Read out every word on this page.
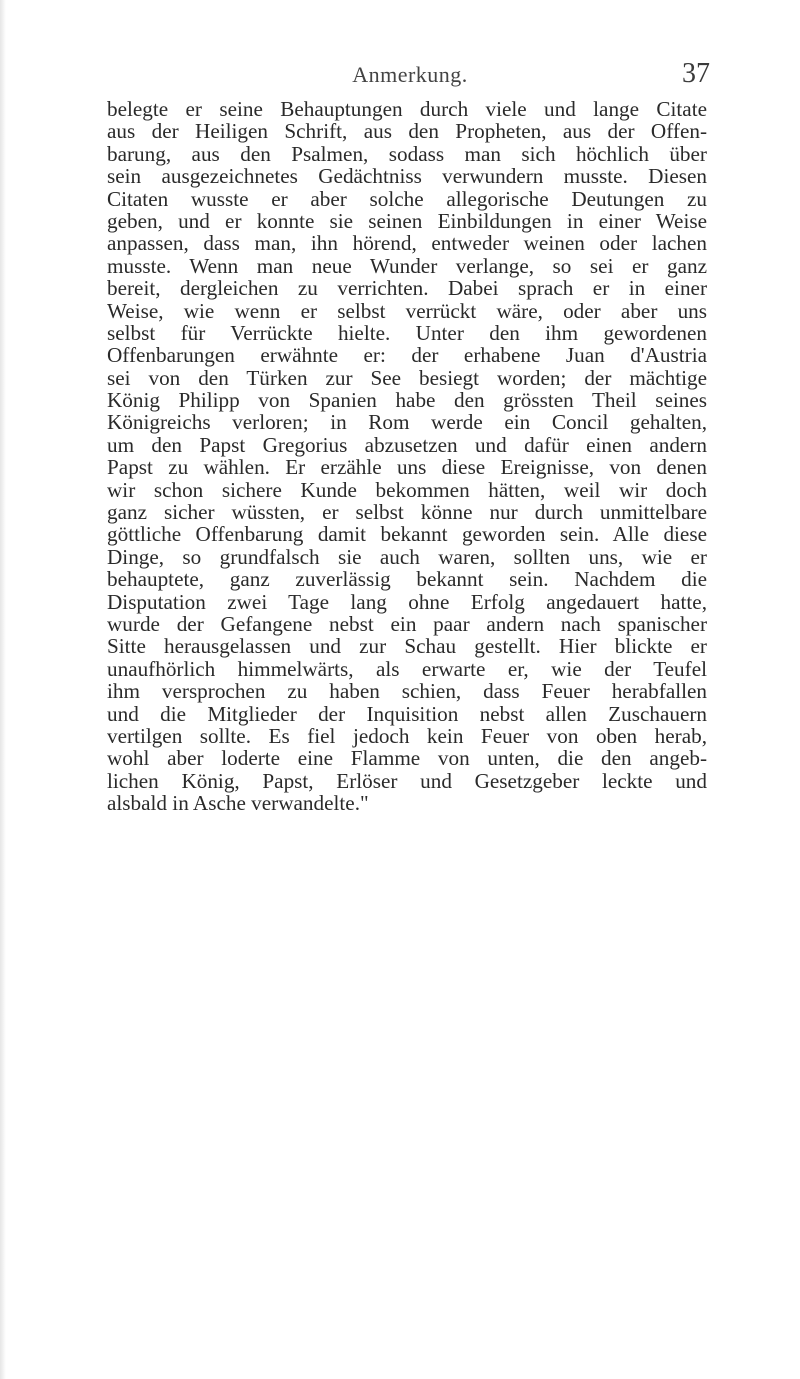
Anmerkung.	37
belegte er seine Behauptungen durch viele und lange Citate
aus der Heiligen Schrift, aus den Propheten, aus der Offen-
barung, aus den Psalmen, sodass man sich höchlich über
sein ausgezeichnetes Gedächtniss verwundern musste. Diesen
Citaten wusste er aber solche allegorische Deutungen zu
geben, und er konnte sie seinen Einbildungen in einer Weise
anpassen, dass man, ihn hörend, entweder weinen oder lachen
musste. Wenn man neue Wunder verlange, so sei er ganz
bereit, dergleichen zu verrichten. Dabei sprach er in einer
Weise, wie wenn er selbst verrückt wäre, oder aber uns
selbst für Verrückte hielte. Unter den ihm gewordenen
Offenbarungen erwähnte er: der erhabene Juan d'Austria
sei von den Türken zur See besiegt worden; der mächtige
König Philipp von Spanien habe den grössten Theil seines
Königreichs verloren; in Rom werde ein Concil gehalten,
um den Papst Gregorius abzusetzen und dafür einen andern
Papst zu wählen. Er erzähle uns diese Ereignisse, von denen
wir schon sichere Kunde bekommen hätten, weil wir doch
ganz sicher wüssten, er selbst könne nur durch unmittelbare
göttliche Offenbarung damit bekannt geworden sein. Alle diese
Dinge, so grundfalsch sie auch waren, sollten uns, wie er
behauptete, ganz zuverlässig bekannt sein. Nachdem die
Disputation zwei Tage lang ohne Erfolg angedauert hatte,
wurde der Gefangene nebst ein paar andern nach spanischer
Sitte herausgelassen und zur Schau gestellt. Hier blickte er
unaufhörlich himmelwärts, als erwarte er, wie der Teufel
ihm versprochen zu haben schien, dass Feuer herabfallen
und die Mitglieder der Inquisition nebst allen Zuschauern
vertilgen sollte. Es fiel jedoch kein Feuer von oben herab,
wohl aber loderte eine Flamme von unten, die den angeb-
lichen König, Papst, Erlöser und Gesetzgeber leckte und
alsbald in Asche verwandelte."
